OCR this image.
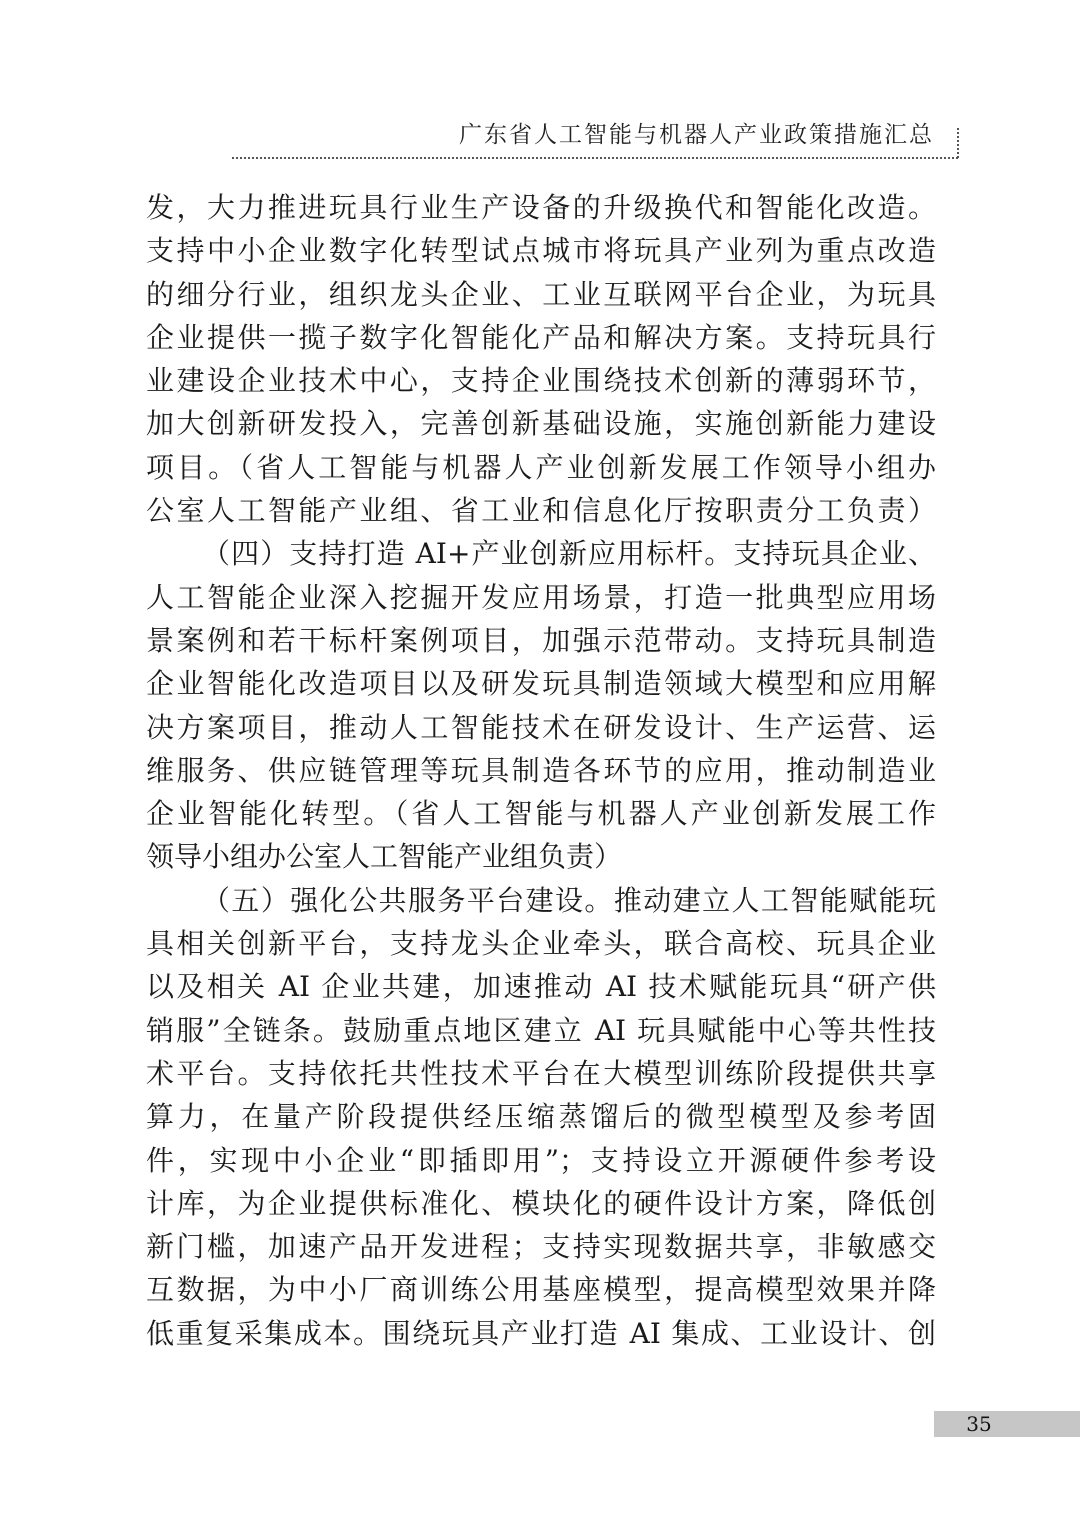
广东省人工智能与机器人产业政策措施汇总
发，大力推进玩具行业生产设备的升级换代和智能化改造。
支持中小企业数字化转型试点城市将玩具产业列为重点改造
的细分行业，组织龙头企业、工业互联网平台企业，为玩具
企业提供一揽子数字化智能化产品和解决方案。支持玩具行
业建设企业技术中心，支持企业围绕技术创新的薄弱环节，
加大创新研发投入，完善创新基础设施，实施创新能力建设
项目。（省人工智能与机器人产业创新发展工作领导小组办
公室人工智能产业组、省工业和信息化厅按职责分工负责）
（四）支持打造 AI+产业创新应用标杆。支持玩具企业、
人工智能企业深入挖掘开发应用场景，打造一批典型应用场
景案例和若干标杆案例项目，加强示范带动。支持玩具制造
企业智能化改造项目以及研发玩具制造领域大模型和应用解
决方案项目，推动人工智能技术在研发设计、生产运营、运
维服务、供应链管理等玩具制造各环节的应用，推动制造业
企业智能化转型。（省人工智能与机器人产业创新发展工作
领导小组办公室人工智能产业组负责）
（五）强化公共服务平台建设。推动建立人工智能赋能玩
具相关创新平台，支持龙头企业牵头，联合高校、玩具企业
以及相关 AI 企业共建，加速推动 AI 技术赋能玩具“研产供
销服”全链条。鼓励重点地区建立 AI 玩具赋能中心等共性技
术平台。支持依托共性技术平台在大模型训练阶段提供共享
算力，在量产阶段提供经压缩蒸馏后的微型模型及参考固
件，实现中小企业“即插即用”；支持设立开源硬件参考设
计库，为企业提供标准化、模块化的硬件设计方案，降低创
新门槛，加速产品开发进程；支持实现数据共享，非敏感交
互数据，为中小厂商训练公用基座模型，提高模型效果并降
低重复采集成本。围绕玩具产业打造 AI 集成、工业设计、创
35
